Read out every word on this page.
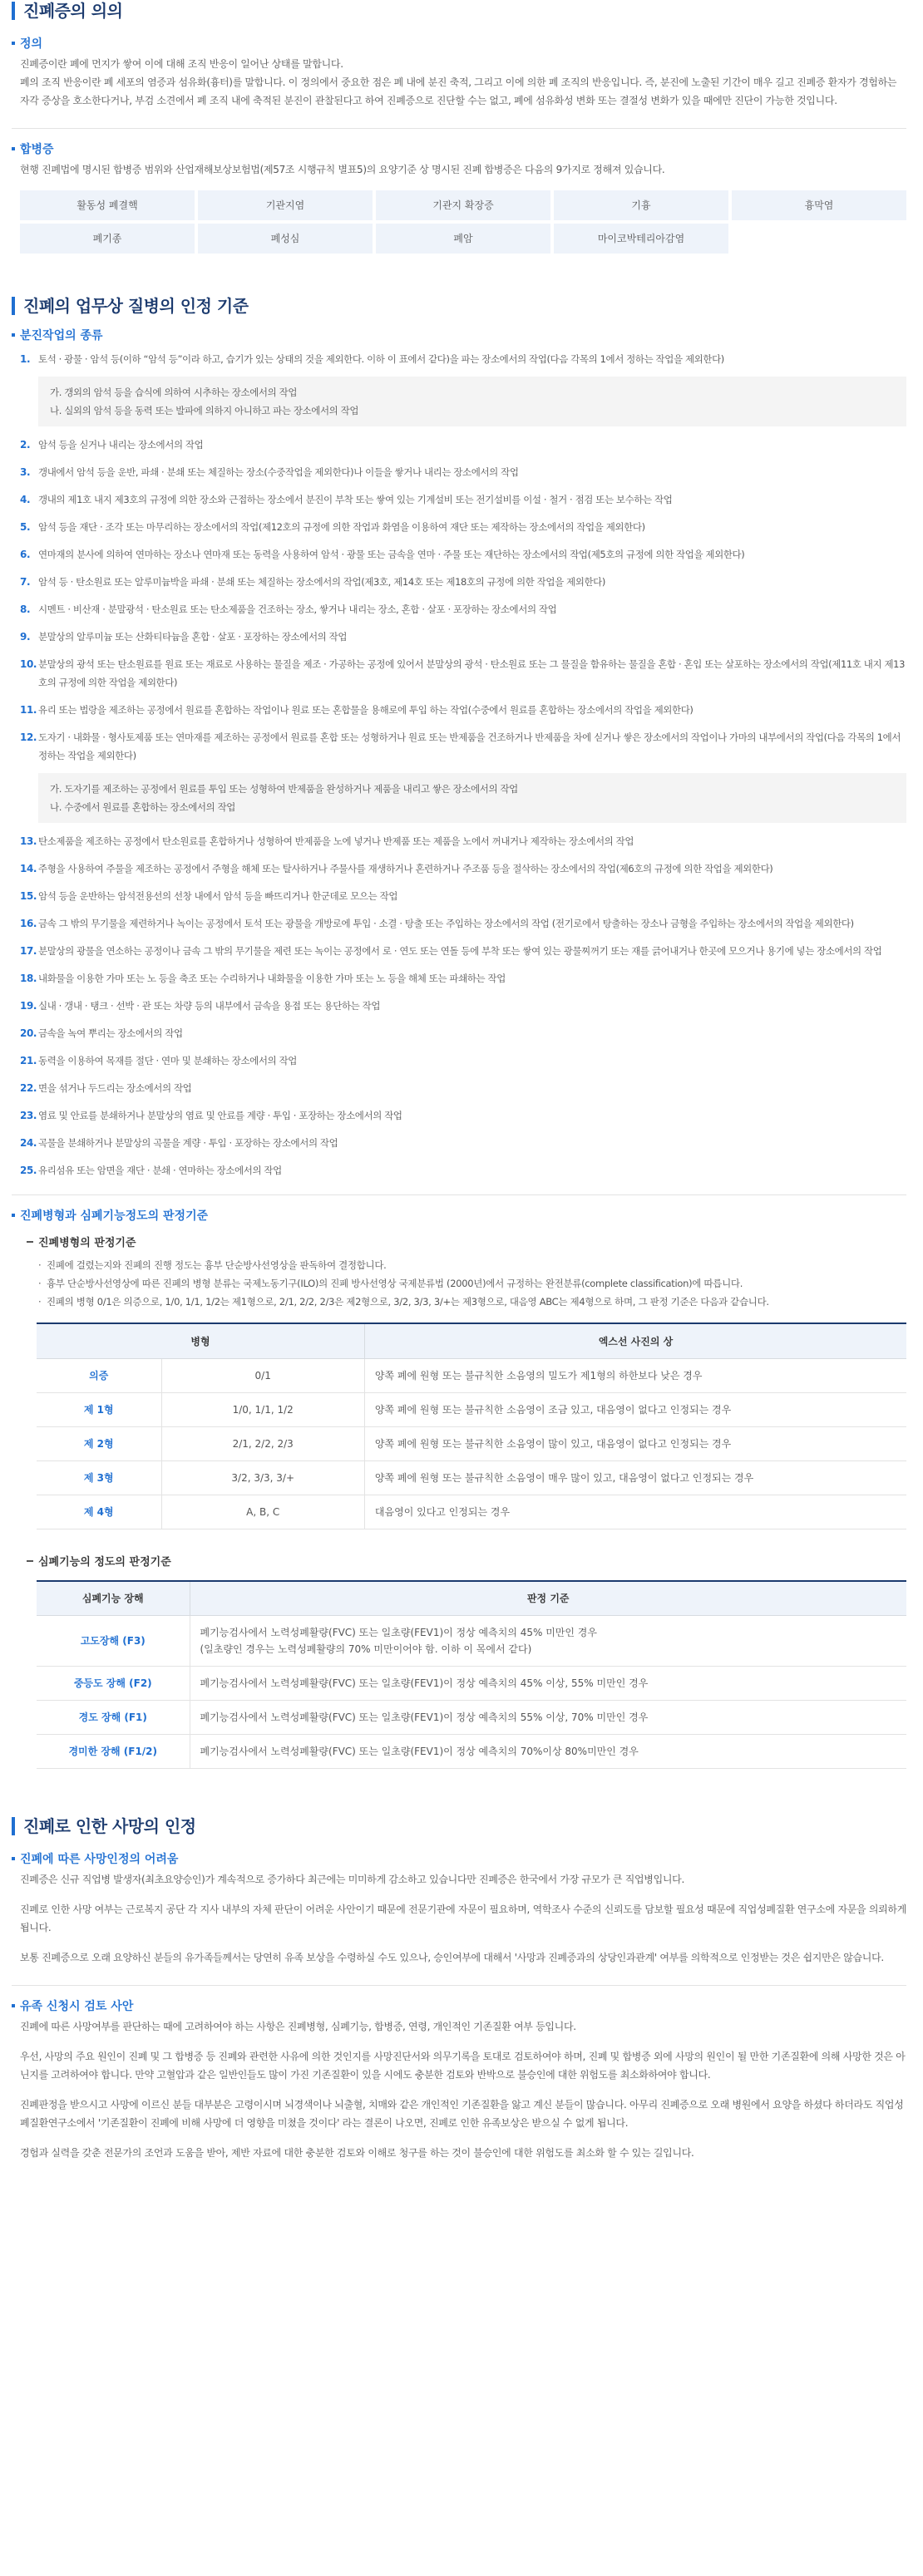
진폐증의 의의
정의

진폐증이란 폐에 먼지가 쌓여 이에 대해 조직 반응이 일어난 상태를 말합니다.

폐의 조직 반응이란 폐 세포의 염증과 섬유화(흉터)를 말합니다. 이 정의에서 중요한 점은 폐 내에 분진 축적, 그리고 이에 의한 폐 조직의 반응입니다. 즉, 분진에 노출된 기간이 매우 길고 진폐증 환자가 경험하는 자각 증상을 호소한다거나, 부검 소견에서 폐 조직 내에 축적된 분진이 관찰된다고 하여 진폐증으로 진단할 수는 없고, 폐에 섬유화성 변화 또는 결절성 변화가 있을 때에만 진단이 가능한 것입니다.

합병증

현행 진폐법에 명시된 합병증 범위와 산업재해보상보험법(제57조 시행규칙 별표5)의 요양기준 상 명시된 진폐 합병증은 다음의 9가지로 정해져 있습니다.

활동성 폐결핵	기관지염	기관지 확장증	기흉	흉막염
폐기종	폐성심	폐암	마이코박테리아감염
진폐의 업무상 질병의 인정 기준
분진작업의 종류
1. 토석 · 광물 · 암석 등(이하 “암석 등”이라 하고, 습기가 있는 상태의 것을 제외한다. 이하 이 표에서 같다)을 파는 장소에서의 작업(다음 각목의 1에서 정하는 작업을 제외한다)
가. 갱외의 암석 등을 습식에 의하여 시추하는 장소에서의 작업
나. 실외의 암석 등을 동력 또는 발파에 의하지 아니하고 파는 장소에서의 작업
2. 암석 등을 싣거나 내리는 장소에서의 작업
3. 갱내에서 암석 등을 운반, 파쇄 · 분쇄 또는 체질하는 장소(수중작업을 제외한다)나 이들을 쌓거나 내리는 장소에서의 작업
4. 갱내의 제1호 내지 제3호의 규정에 의한 장소와 근접하는 장소에서 분진이 부착 또는 쌓여 있는 기계설비 또는 전기설비를 이설 · 철거 · 점검 또는 보수하는 작업
5. 암석 등을 재단 · 조각 또는 마무리하는 장소에서의 작업(제12호의 규정에 의한 작업과 화염을 이용하여 재단 또는 제작하는 장소에서의 작업을 제외한다)
6. 연마재의 분사에 의하여 연마하는 장소나 연마재 또는 동력을 사용하여 암석 · 광물 또는 금속을 연마 · 주물 또는 재단하는 장소에서의 작업(제5호의 규정에 의한 작업을 제외한다)
7. 암석 등 · 탄소원료 또는 알루미늄박을 파쇄 · 분쇄 또는 체질하는 장소에서의 작업(제3호, 제14호 또는 제18호의 규정에 의한 작업을 제외한다)
8. 시멘트 · 비산재 · 분말광석 · 탄소원료 또는 탄소제품을 건조하는 장소, 쌓거나 내리는 장소, 혼합 · 살포 · 포장하는 장소에서의 작업
9. 분말상의 알루미늄 또는 산화티타늄을 혼합 · 살포 · 포장하는 장소에서의 작업
10. 분말상의 광석 또는 탄소원료를 원료 또는 재료로 사용하는 물질을 제조 · 가공하는 공정에 있어서 분말상의 광석 · 탄소원료 또는 그 물질을 함유하는 물질을 혼합 · 혼입 또는 살포하는 장소에서의 작업(제11호 내지 제13호의 규정에 의한 작업을 제외한다)
11. 유리 또는 법랑을 제조하는 공정에서 원료를 혼합하는 작업이나 원료 또는 혼합물을 용해로에 투입 하는 작업(수중에서 원료를 혼합하는 장소에서의 작업을 제외한다)
12. 도자기 · 내화물 · 형사토제품 또는 연마재를 제조하는 공정에서 원료를 혼합 또는 성형하거나 원료 또는 반제품을 건조하거나 반제품을 차에 싣거나 쌓은 장소에서의 작업이나 가마의 내부에서의 작업(다음 각목의 1에서 정하는 작업을 제외한다)
가. 도자기를 제조하는 공정에서 원료를 투입 또는 성형하여 반제품을 완성하거나 제품을 내리고 쌓은 장소에서의 작업
나. 수중에서 원료를 혼합하는 장소에서의 작업
13. 탄소제품을 제조하는 공정에서 탄소원료를 혼합하거나 성형하여 반제품을 노에 넣거나 반제품 또는 제품을 노에서 꺼내거나 제작하는 장소에서의 작업
14. 주형을 사용하여 주물을 제조하는 공정에서 주형을 해체 또는 탈사하거나 주물사를 재생하거나 혼련하거나 주조품 등을 절삭하는 장소에서의 작업(제6호의 규정에 의한 작업을 제외한다)
15. 암석 등을 운반하는 암석전용선의 선창 내에서 암석 등을 빠뜨리거나 한군데로 모으는 작업
16. 금속 그 밖의 무기물을 제련하거나 녹이는 공정에서 토석 또는 광물을 개방로에 투입 · 소결 · 탕출 또는 주입하는 장소에서의 작업 (전기로에서 탕출하는 장소나 금형을 주입하는 장소에서의 작업을 제외한다)
17. 분말상의 광물을 연소하는 공정이나 금속 그 밖의 무기물을 제련 또는 녹이는 공정에서 로 · 연도 또는 연돌 등에 부착 또는 쌓여 있는 광물찌꺼기 또는 재를 긁어내거나 한곳에 모으거나 용기에 넣는 장소에서의 작업
18. 내화물을 이용한 가마 또는 노 등을 축조 또는 수리하거나 내화물을 이용한 가마 또는 노 등을 해체 또는 파쇄하는 작업
19. 실내 · 갱내 · 탱크 · 선박 · 관 또는 차량 등의 내부에서 금속을 용접 또는 용단하는 작업
20. 금속을 녹여 뿌리는 장소에서의 작업
21. 동력을 이용하여 목재를 절단 · 연마 및 분쇄하는 장소에서의 작업
22. 면을 섞거나 두드리는 장소에서의 작업
23. 염료 및 안료를 분쇄하거나 분말상의 염료 및 안료를 계량 · 투입 · 포장하는 장소에서의 작업
24. 곡물을 분쇄하거나 분말상의 곡물을 계량 · 투입 · 포장하는 장소에서의 작업
25. 유리섬유 또는 암면을 재단 · 분쇄 · 연마하는 장소에서의 작업
진폐병형과 심폐기능정도의 판정기준
진폐병형의 판정기준
· 진폐에 걸렸는지와 진폐의 진행 정도는 흉부 단순방사선영상을 판독하여 결정합니다.
· 흉부 단순방사선영상에 따른 진폐의 병형 분류는 국제노동기구(ILO)의 진폐 방사선영상 국제분류법 (2000년)에서 규정하는 완전분류(complete classification)에 따릅니다.
· 진폐의 병형 0/1은 의증으로, 1/0, 1/1, 1/2는 제1형으로, 2/1, 2/2, 2/3은 제2형으로, 3/2, 3/3, 3/+는 제3형으로, 대음영 ABC는 제4형으로 하며, 그 판정 기준은 다음과 같습니다.
병형		엑스선 사진의 상
의증	0/1	양쪽 폐에 원형 또는 불규칙한 소음영의 밀도가 제1형의 하한보다 낮은 경우
제 1형	1/0, 1/1, 1/2	양쪽 폐에 원형 또는 불규칙한 소음영이 조금 있고, 대음영이 없다고 인정되는 경우
제 2형	2/1, 2/2, 2/3	양쪽 폐에 원형 또는 불규칙한 소음영이 많이 있고, 대음영이 없다고 인정되는 경우
제 3형	3/2, 3/3, 3/+	양쪽 폐에 원형 또는 불규칙한 소음영이 매우 많이 있고, 대음영이 없다고 인정되는 경우
제 4형	A, B, C	대음영이 있다고 인정되는 경우
심폐기능의 정도의 판정기준
심폐기능 장해	판정 기준
고도장해 (F3)	폐기능검사에서 노력성폐활량(FVC) 또는 일초량(FEV1)이 정상 예측치의 45% 미만인 경우
(일초량인 경우는 노력성폐활량의 70% 미만이어야 함. 이하 이 목에서 같다)

중등도 장해 (F2)	폐기능검사에서 노력성폐활량(FVC) 또는 일초량(FEV1)이 정상 예측치의 45% 이상, 55% 미만인 경우

경도 장해 (F1)	폐기능검사에서 노력성폐활량(FVC) 또는 일초량(FEV1)이 정상 예측치의 55% 이상, 70% 미만인 경우

경미한 장해 (F1/2)	폐기능검사에서 노력성폐활량(FVC) 또는 일초량(FEV1)이 정상 예측치의 70%이상 80%미만인 경우
진폐로 인한 사망의 인정
진폐에 따른 사망인정의 어려움

진폐증은 신규 직업병 발생자(최초요양승인)가 계속적으로 증가하다 최근에는 미미하게 감소하고 있습니다만 진폐증은 한국에서 가장 규모가 큰 직업병입니다.

진폐로 인한 사망 여부는 근로복지 공단 각 지사 내부의 자체 판단이 어려운 사안이기 때문에 전문기관에 자문이 필요하며, 역학조사 수준의 신뢰도를 담보할 필요성 때문에 직업성폐질환 연구소에 자문을 의뢰하게 됩니다.

보통 진폐증으로 오래 요양하신 분들의 유가족들께서는 당연히 유족 보상을 수령하실 수도 있으나, 승인여부에 대해서 '사망과 진폐증과의 상당인과관계' 여부를 의학적으로 인정받는 것은 쉽지만은 않습니다.

유족 신청시 검토 사안

진폐에 따른 사망여부를 판단하는 때에 고려하여야 하는 사항은 진폐병형, 심폐기능, 합병증, 연령, 개인적인 기존질환 여부 등입니다.

우선, 사망의 주요 원인이 진폐 및 그 합병증 등 진폐와 관련한 사유에 의한 것인지를 사망진단서와 의무기록을 토대로 검토하여야 하며, 진폐 및 합병증 외에 사망의 원인이 될 만한 기존질환에 의해 사망한 것은 아닌지를 고려하여야 합니다. 만약 고혈압과 같은 일반인들도 많이 가진 기존질환이 있을 시에도 충분한 검토와 반박으로 불승인에 대한 위험도를 최소화하여야 합니다.

진폐판정을 받으시고 사망에 이르신 분들 대부분은 고령이시며 뇌경색이나 뇌출혈, 치매와 같은 개인적인 기존질환을 앓고 계신 분들이 많습니다. 아무리 진폐증으로 오래 병원에서 요양을 하셨다 하더라도 직업성폐질환연구소에서 '기존질환이 진폐에 비해 사망에 더 영향을 미쳤을 것이다' 라는 결론이 나오면, 진폐로 인한 유족보상은 받으실 수 없게 됩니다.

경험과 실력을 갖춘 전문가의 조언과 도움을 받아, 제반 자료에 대한 충분한 검토와 이해로 청구를 하는 것이 불승인에 대한 위험도를 최소화 할 수 있는 길입니다.
